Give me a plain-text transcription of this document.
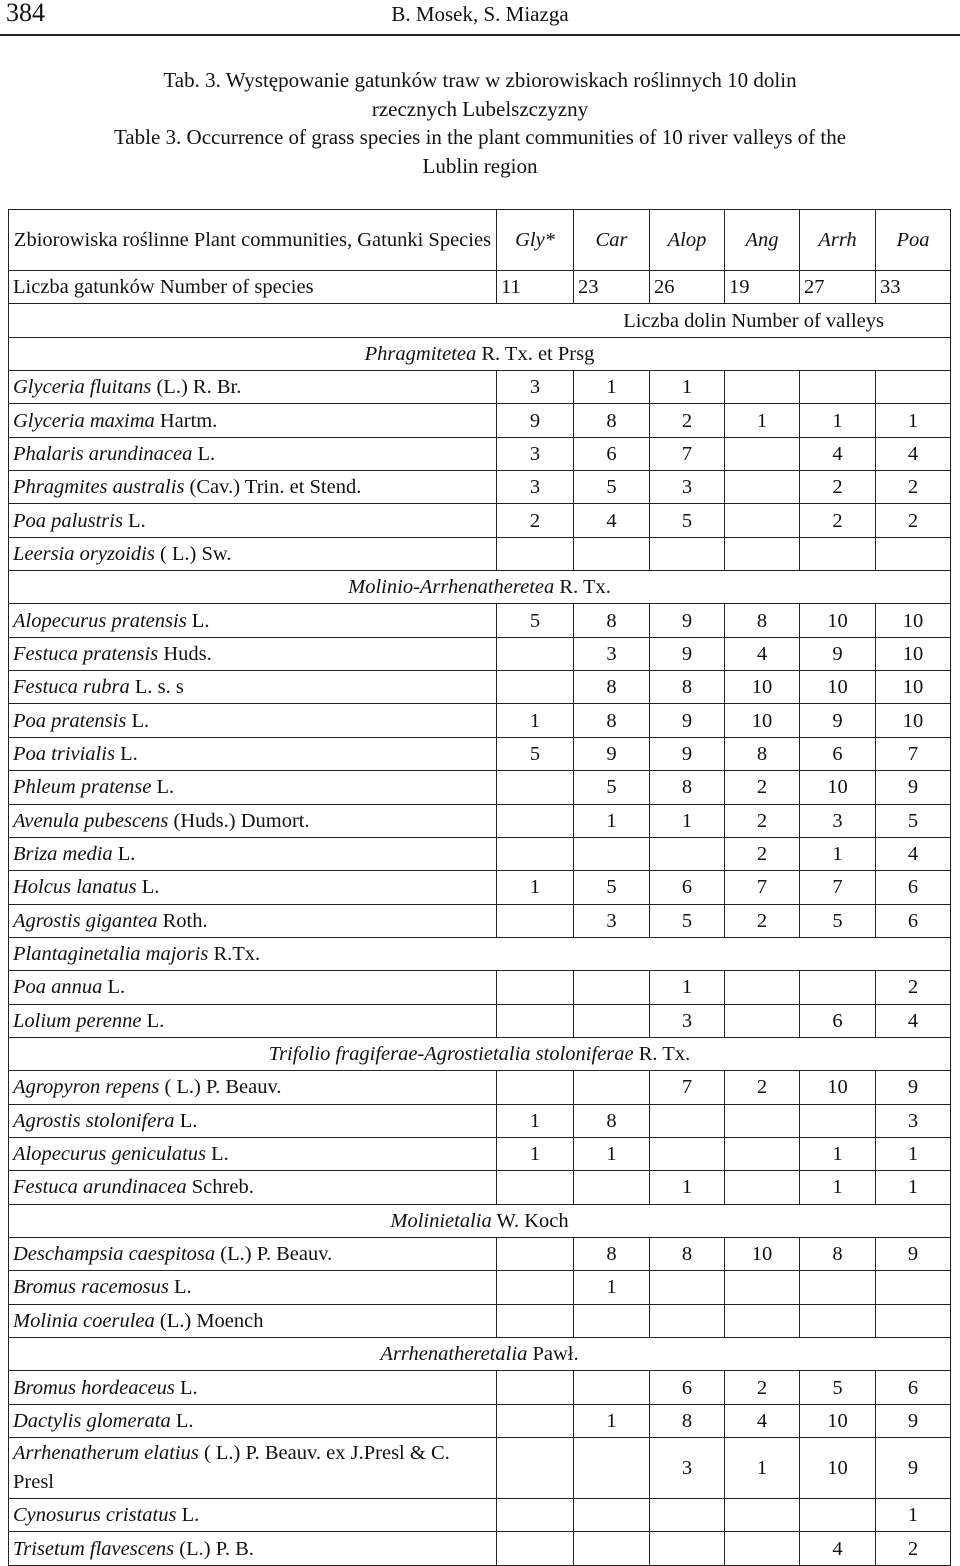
384	B. Mosek, S. Miazga
Tab. 3. Występowanie gatunków traw w zbiorowiskach roślinnych 10 dolin rzecznych Lubelszczyzny
Table 3. Occurrence of grass species in the plant communities of 10 river valleys of the Lublin region
Zbiorowiska roślinne Plant communities, Gatunki Species	Gly*	Car	Alop	Ang	Arrh	Poa
Liczba gatunków Number of species	11	23	26	19	27	33
Liczba dolin Number of valleys						
Phragmitetea R. Tx. et Prsg						
Glyceria fluitans (L.) R. Br.	3	1	1			
Glyceria maxima Hartm.	9	8	2	1	1	1
Phalaris arundinacea L.	3	6	7		4	4
Phragmites australis (Cav.) Trin. et Stend.	3	5	3		2	2
Poa palustris L.	2	4	5		2	2
Leersia oryzoidis ( L.) Sw.						
Molinio-Arrhenatheretea R. Tx.						
Alopecurus pratensis L.	5	8	9	8	10	10
Festuca pratensis Huds.		3	9	4	9	10
Festuca rubra L. s. s		8	8	10	10	10
Poa pratensis L.	1	8	9	10	9	10
Poa trivialis L.	5	9	9	8	6	7
Phleum pratense L.		5	8	2	10	9
Avenula pubescens (Huds.) Dumort.		1	1	2	3	5
Briza media L.				2	1	4
Holcus lanatus L.	1	5	6	7	7	6
Agrostis gigantea Roth.		3	5	2	5	6
Plantaginetalia majoris R.Tx.						
Poa annua L.			1			2
Lolium perenne L.			3		6	4
Trifolio fragiferae-Agrostietalia stoloniferae R. Tx.						
Agropyron repens ( L.) P. Beauv.			7	2	10	9
Agrostis stolonifera L.	1	8				3
Alopecurus geniculatus L.	1	1			1	1
Festuca arundinacea Schreb.			1		1	1
Molinietalia W. Koch						
Deschampsia caespitosa (L.) P. Beauv.		8	8	10	8	9
Bromus racemosus L.		1				
Molinia coerulea (L.) Moench						
Arrhenatheretalia Pawł.						
Bromus hordeaceus L.			6	2	5	6
Dactylis glomerata L.		1	8	4	10	9
Arrhenatherum elatius ( L.) P. Beauv. ex J.Presl & C. Presl			3	1	10	9
Cynosurus cristatus L.						1
Trisetum flavescens (L.) P. B.					4	2
